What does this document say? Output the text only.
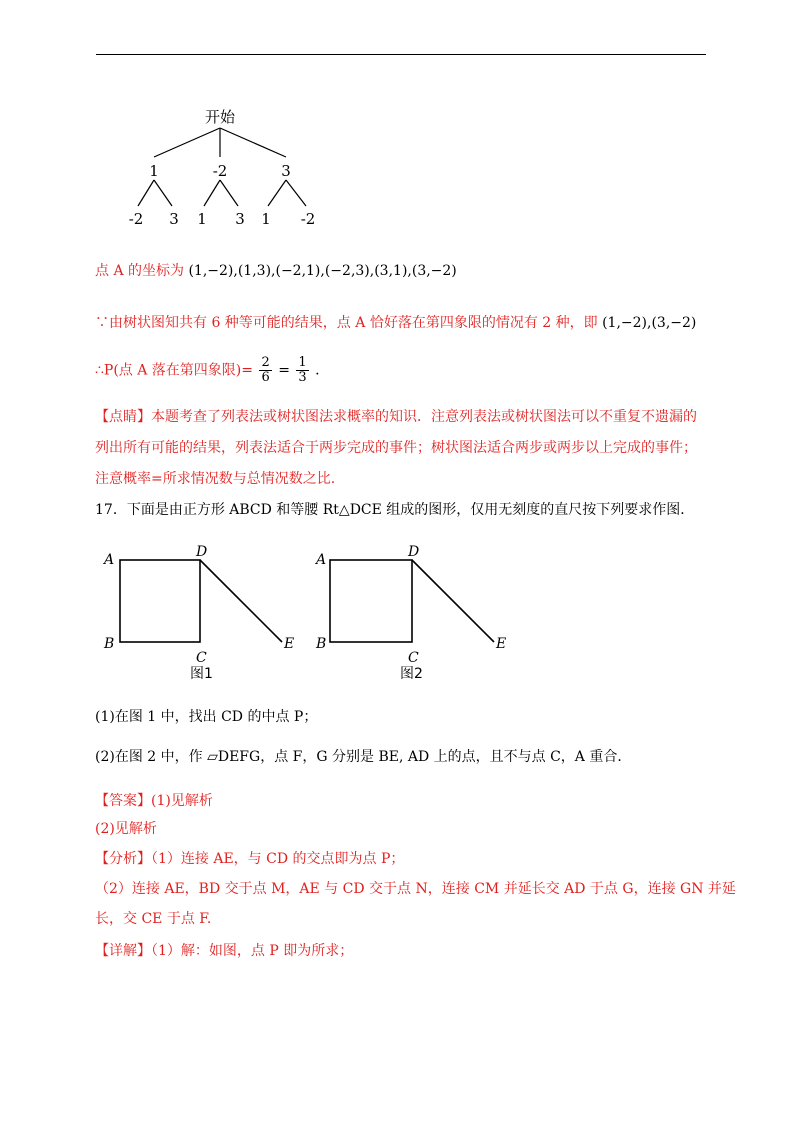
开始
1	-2	3
-2 3 1 3 1 -2
点 A 的坐标为 (1,−2),(1,3),(−2,1),(−2,3),(3,1),(3,−2)
∵由树状图知共有 6 种等可能的结果，点 A 恰好落在第四象限的情况有 2 种，即 (1,−2),(3,−2)
∴P(点 A 落在第四象限)= $\frac{2}{6} = \frac{1}{3}$ .
【点睛】本题考查了列表法或树状图法求概率的知识．注意列表法或树状图法可以不重复不遗漏的
列出所有可能的结果，列表法适合于两步完成的事件；树状图法适合两步或两步以上完成的事件；
注意概率=所求情况数与总情况数之比.
17．下面是由正方形 ABCD 和等腰 Rt△DCE 组成的图形，仅用无刻度的直尺按下列要求作图．
A	D
B
C
E
图1
A	D
B
C
E
图2
(1)在图 1 中，找出 CD 的中点 P；
(2)在图 2 中，作 ▱DEFG，点 F，G 分别是 BE, AD 上的点，且不与点 C，A 重合．
【答案】(1)见解析
(2)见解析
【分析】（1）连接 AE，与 CD 的交点即为点 P；
（2）连接 AE，BD 交于点 M，AE 与 CD 交于点 N，连接 CM 并延长交 AD 于点 G，连接 GN 并延
长，交 CE 于点 F.
【详解】（1）解：如图，点 P 即为所求；
